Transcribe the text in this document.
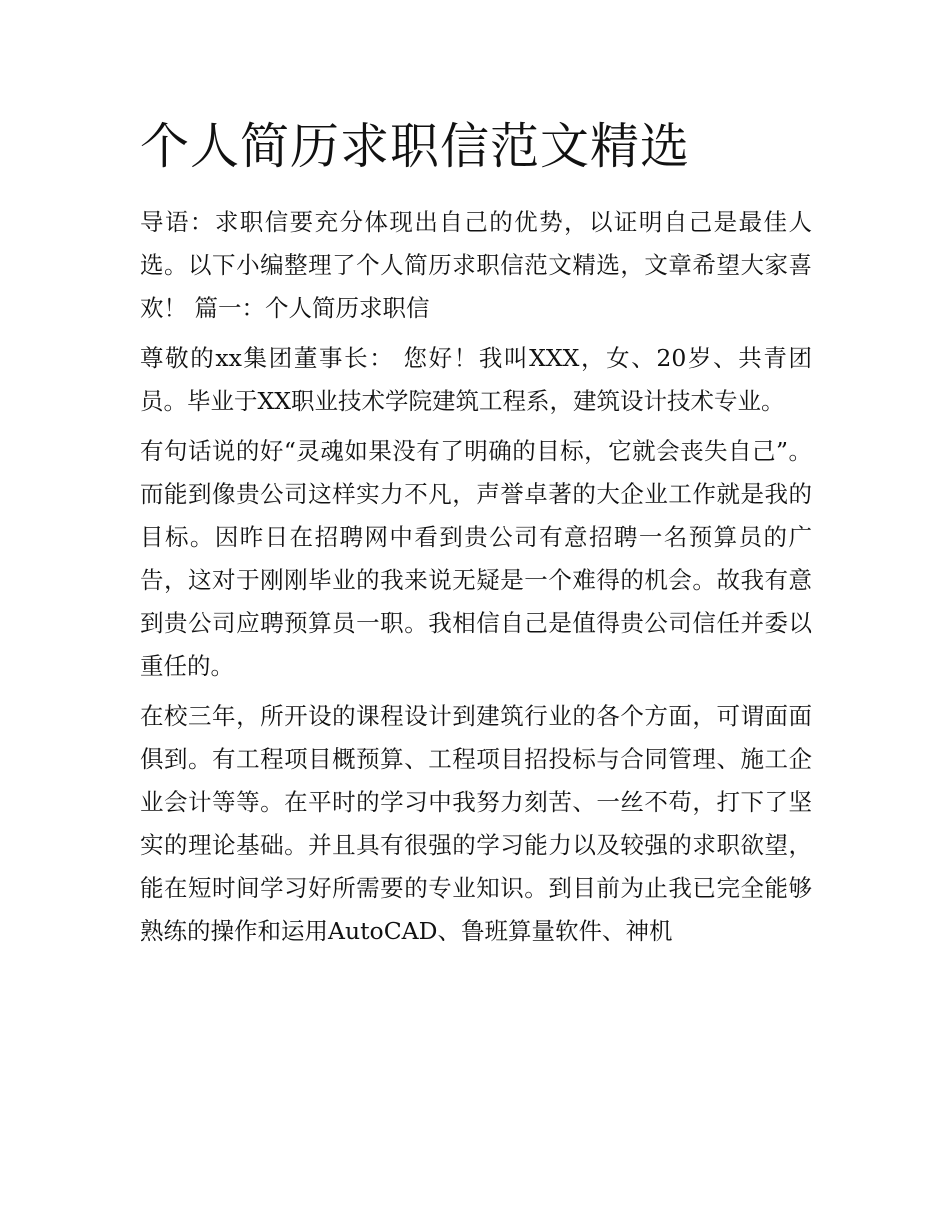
个人简历求职信范文精选

导语：求职信要充分体现出自己的优势，以证明自己是最佳人选。以下小编整理了个人简历求职信范文精选，文章希望大家喜欢！ 篇一：个人简历求职信

尊敬的xx集团董事长： 您好！我叫XXX，女、20岁、共青团员。毕业于XX职业技术学院建筑工程系，建筑设计技术专业。

有句话说的好“灵魂如果没有了明确的目标，它就会丧失自己”。而能到像贵公司这样实力不凡，声誉卓著的大企业工作就是我的目标。因昨日在招聘网中看到贵公司有意招聘一名预算员的广告，这对于刚刚毕业的我来说无疑是一个难得的机会。故我有意到贵公司应聘预算员一职。我相信自己是值得贵公司信任并委以重任的。

在校三年，所开设的课程设计到建筑行业的各个方面，可谓面面俱到。有工程项目概预算、工程项目招投标与合同管理、施工企业会计等等。在平时的学习中我努力刻苦、一丝不苟，打下了坚实的理论基础。并且具有很强的学习能力以及较强的求职欲望，能在短时间学习好所需要的专业知识。到目前为止我已完全能够熟练的操作和运用AutoCAD、鲁班算量软件、神机
